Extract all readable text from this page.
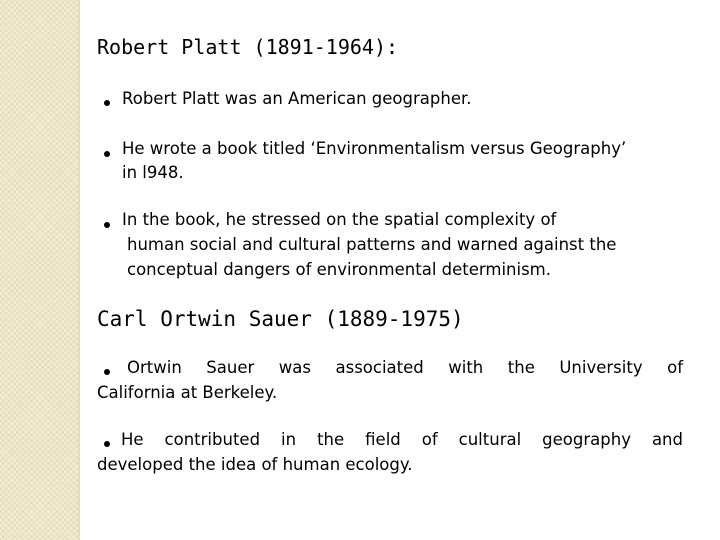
Robert Platt (1891-1964):
Robert Platt was an American geographer.
He wrote a book titled ‘Environmentalism versus Geography’
in l948.
In the book, he stressed on the spatial complexity of
human social and cultural patterns and warned against the
conceptual dangers of environmental determinism.
Carl Ortwin Sauer (1889-1975)
Ortwin Sauer was associated with the University of
California at Berkeley.
He contributed in the field of cultural geography and
developed the idea of human ecology.
